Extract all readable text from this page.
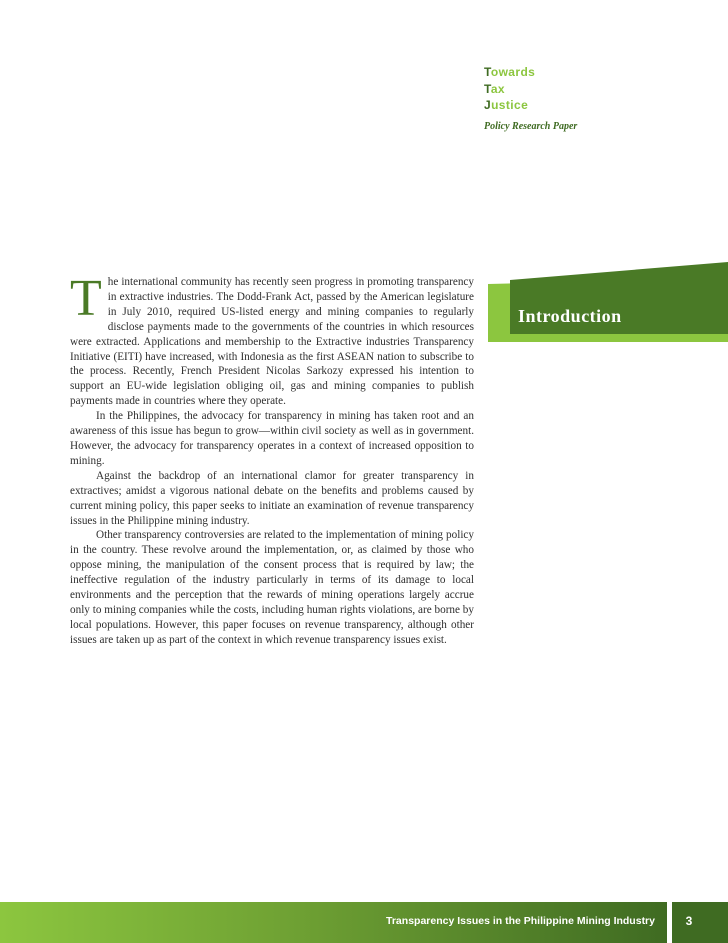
Towards
Tax
Justice
Policy Research Paper
Introduction

The international community has recently seen progress in promoting transparency in extractive industries. The Dodd-Frank Act, passed by the American legislature in July 2010, required US-listed energy and mining companies to regularly disclose payments made to the governments of the countries in which resources were extracted. Applications and membership to the Extractive industries Transparency Initiative (EITI) have increased, with Indonesia as the first ASEAN nation to subscribe to the process. Recently, French President Nicolas Sarkozy expressed his intention to support an EU-wide legislation obliging oil, gas and mining companies to publish payments made in countries where they operate.

In the Philippines, the advocacy for transparency in mining has taken root and an awareness of this issue has begun to grow—within civil society as well as in government. However, the advocacy for transparency operates in a context of increased opposition to mining.

Against the backdrop of an international clamor for greater transparency in extractives; amidst a vigorous national debate on the benefits and problems caused by current mining policy, this paper seeks to initiate an examination of revenue transparency issues in the Philippine mining industry.

Other transparency controversies are related to the implementation of mining policy in the country. These revolve around the implementation, or, as claimed by those who oppose mining, the manipulation of the consent process that is required by law; the ineffective regulation of the industry particularly in terms of its damage to local environments and the perception that the rewards of mining operations largely accrue only to mining companies while the costs, including human rights violations, are borne by local populations. However, this paper focuses on revenue transparency, although other issues are taken up as part of the context in which revenue transparency issues exist.

Transparency Issues in the Philippine Mining Industry	3
